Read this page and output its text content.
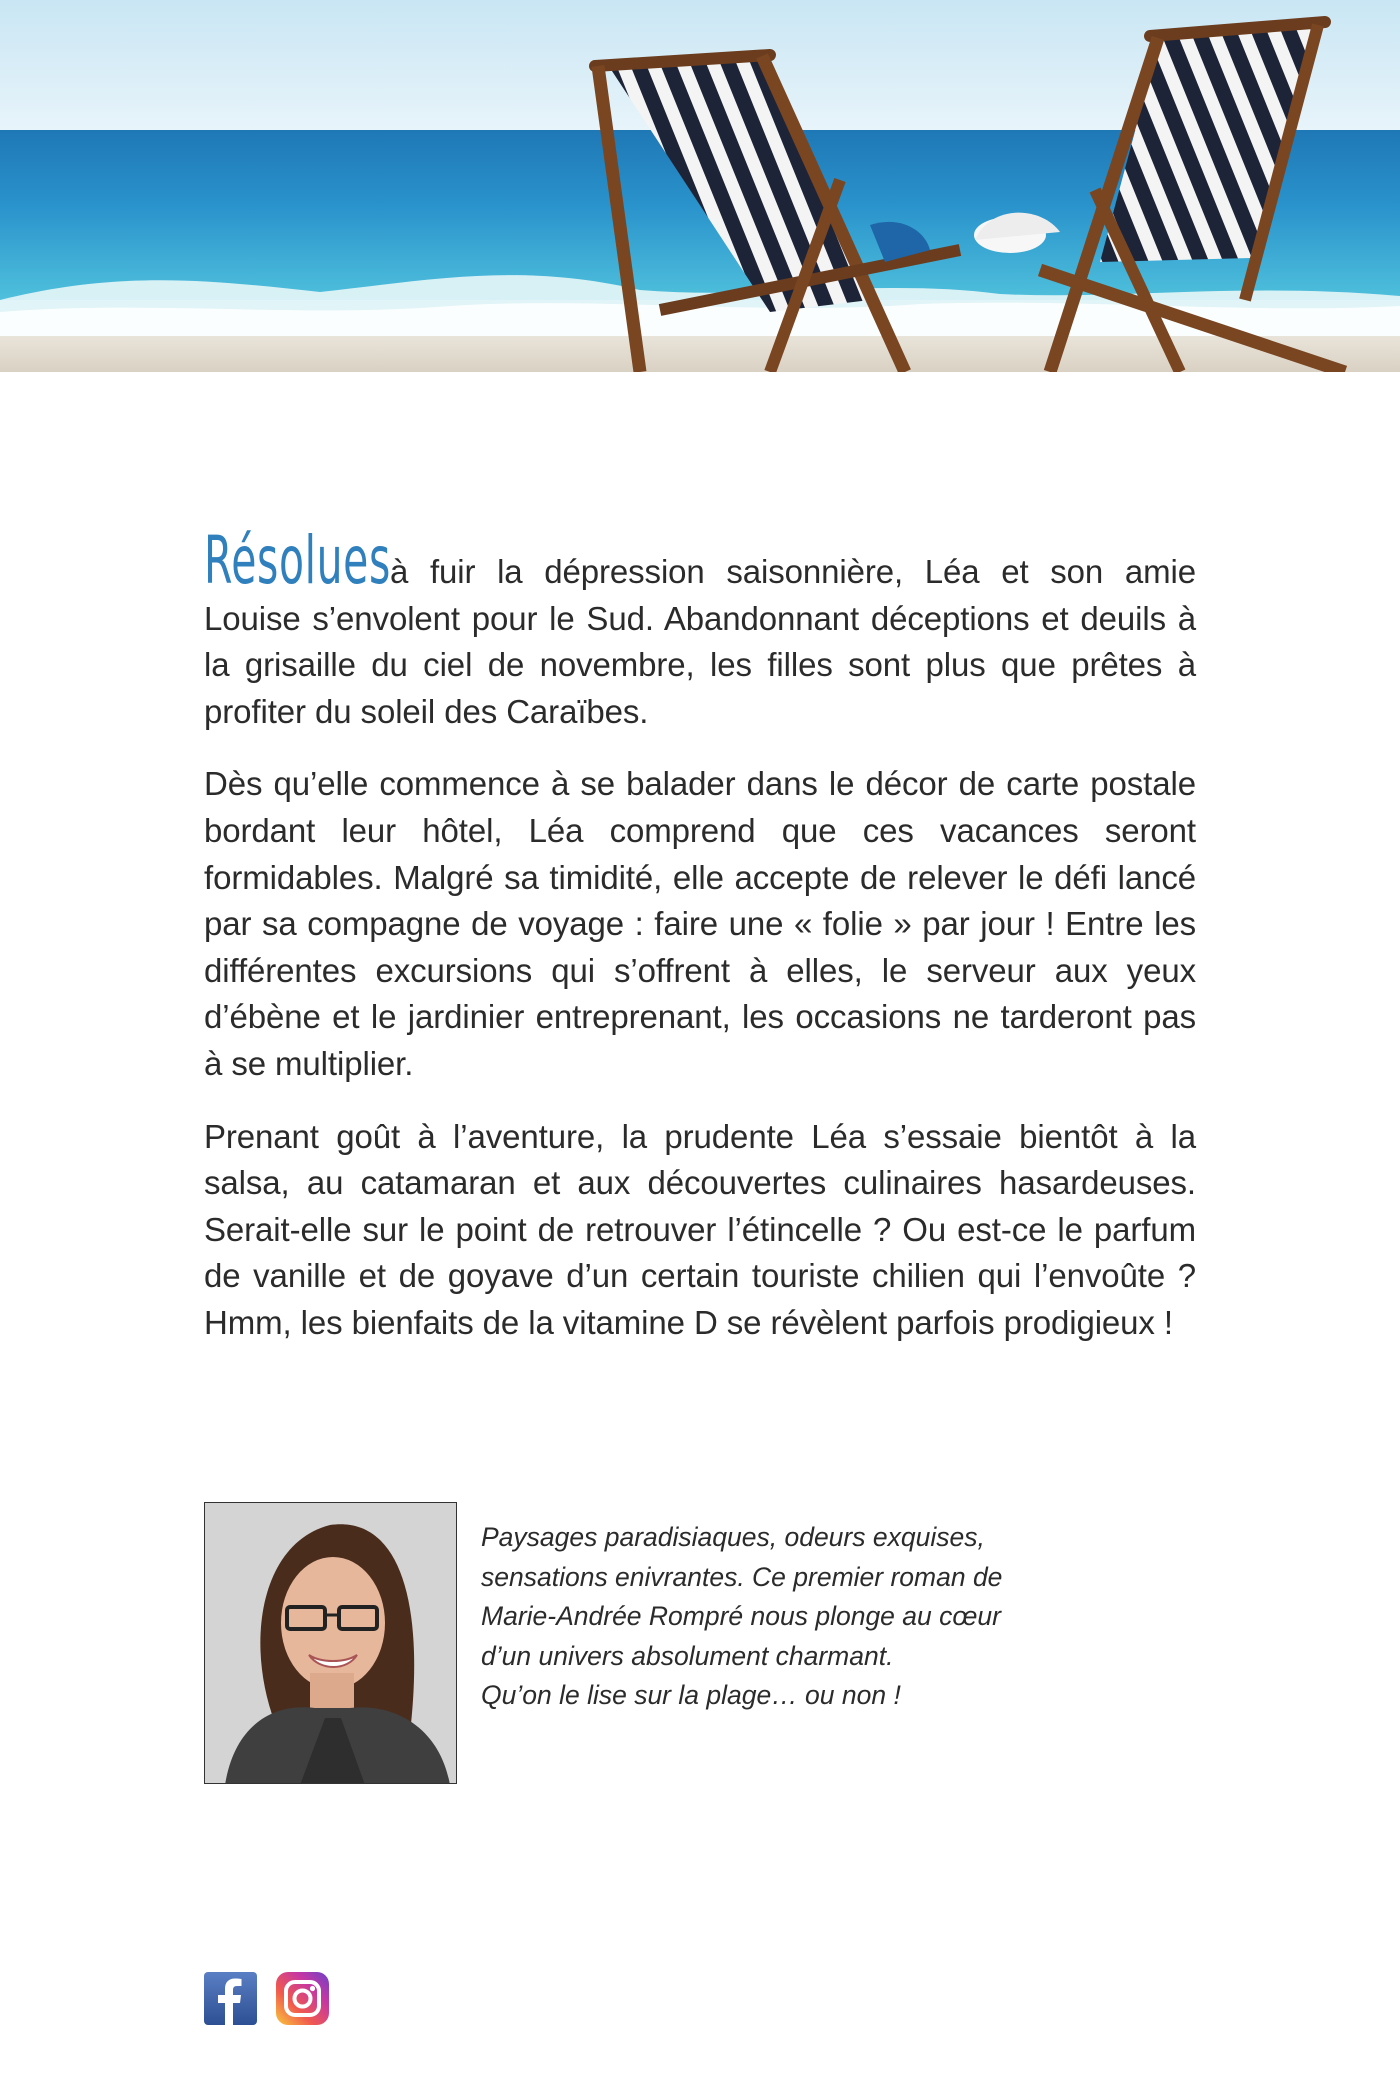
Résoluesà fuir la dépression saisonnière, Léa et son amie Louise s’envolent pour le Sud. Abandonnant déceptions et deuils à la grisaille du ciel de novembre, les filles sont plus que prêtes à profiter du soleil des Caraïbes.

Dès qu’elle commence à se balader dans le décor de carte postale bordant leur hôtel, Léa comprend que ces vacances seront formidables. Malgré sa timidité, elle accepte de relever le défi lancé par sa compagne de voyage : faire une « folie » par jour ! Entre les différentes excursions qui s’offrent à elles, le serveur aux yeux d’ébène et le jardinier entreprenant, les occasions ne tarderont pas à se multiplier.

Prenant goût à l’aventure, la prudente Léa s’essaie bientôt à la salsa, au catamaran et aux découvertes culinaires hasardeuses. Serait-elle sur le point de retrouver l’étincelle ? Ou est-ce le parfum de vanille et de goyave d’un certain touriste chilien qui l’envoûte ? Hmm, les bienfaits de la vitamine D se révèlent parfois prodigieux !

Paysages paradisiaques, odeurs exquises,
sensations enivrantes. Ce premier roman de
Marie-Andrée Rompré nous plonge au cœur
d’un univers absolument charmant.
Qu’on le lise sur la plage… ou non !
